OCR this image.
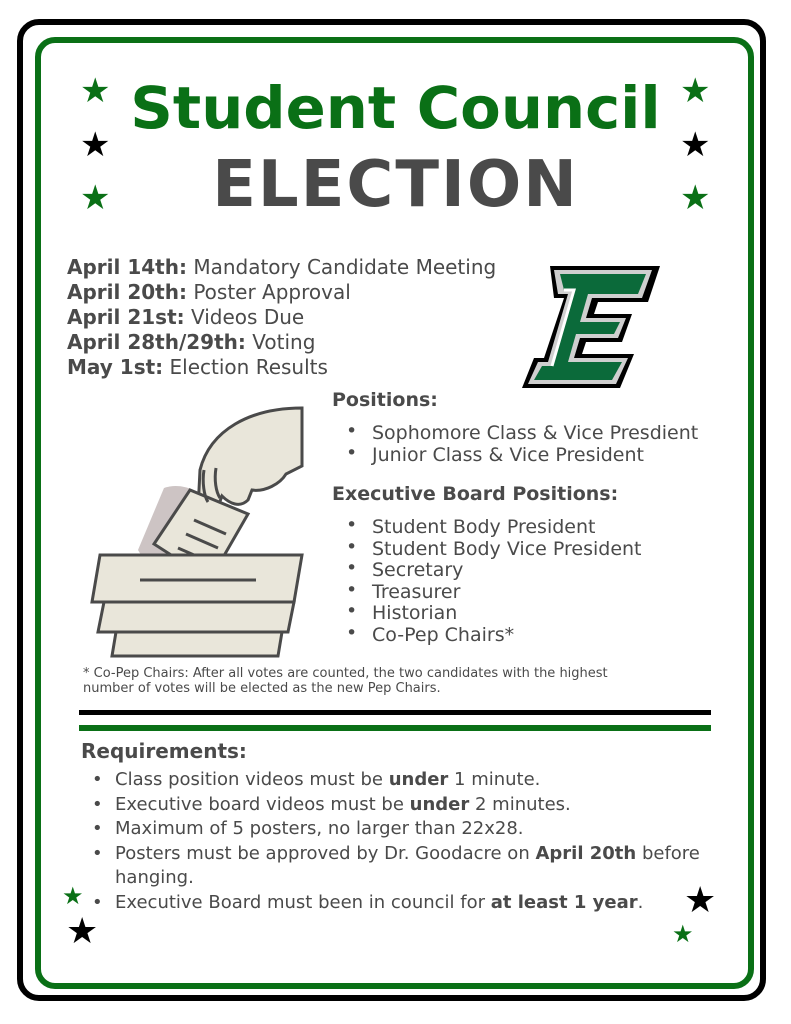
★
★
★
★
★
★
★
★
★
★
Student Council
ELECTION
April 14th: Mandatory Candidate Meeting
April 20th: Poster Approval
April 21st: Videos Due
April 28th/29th: Voting
May 1st: Election Results
Positions:
• Sophomore Class & Vice Presdient
• Junior Class & Vice President
Executive Board Positions:
• Student Body President
• Student Body Vice President
• Secretary
• Treasurer
• Historian
• Co-Pep Chairs*
* Co-Pep Chairs: After all votes are counted, the two candidates with the highest
number of votes will be elected as the new Pep Chairs.
Requirements:
• Class position videos must be under 1 minute.
• Executive board videos must be under 2 minutes.
• Maximum of 5 posters, no larger than 22x28.
• Posters must be approved by Dr. Goodacre on April 20th before hanging.
• Executive Board must been in council for at least 1 year.
